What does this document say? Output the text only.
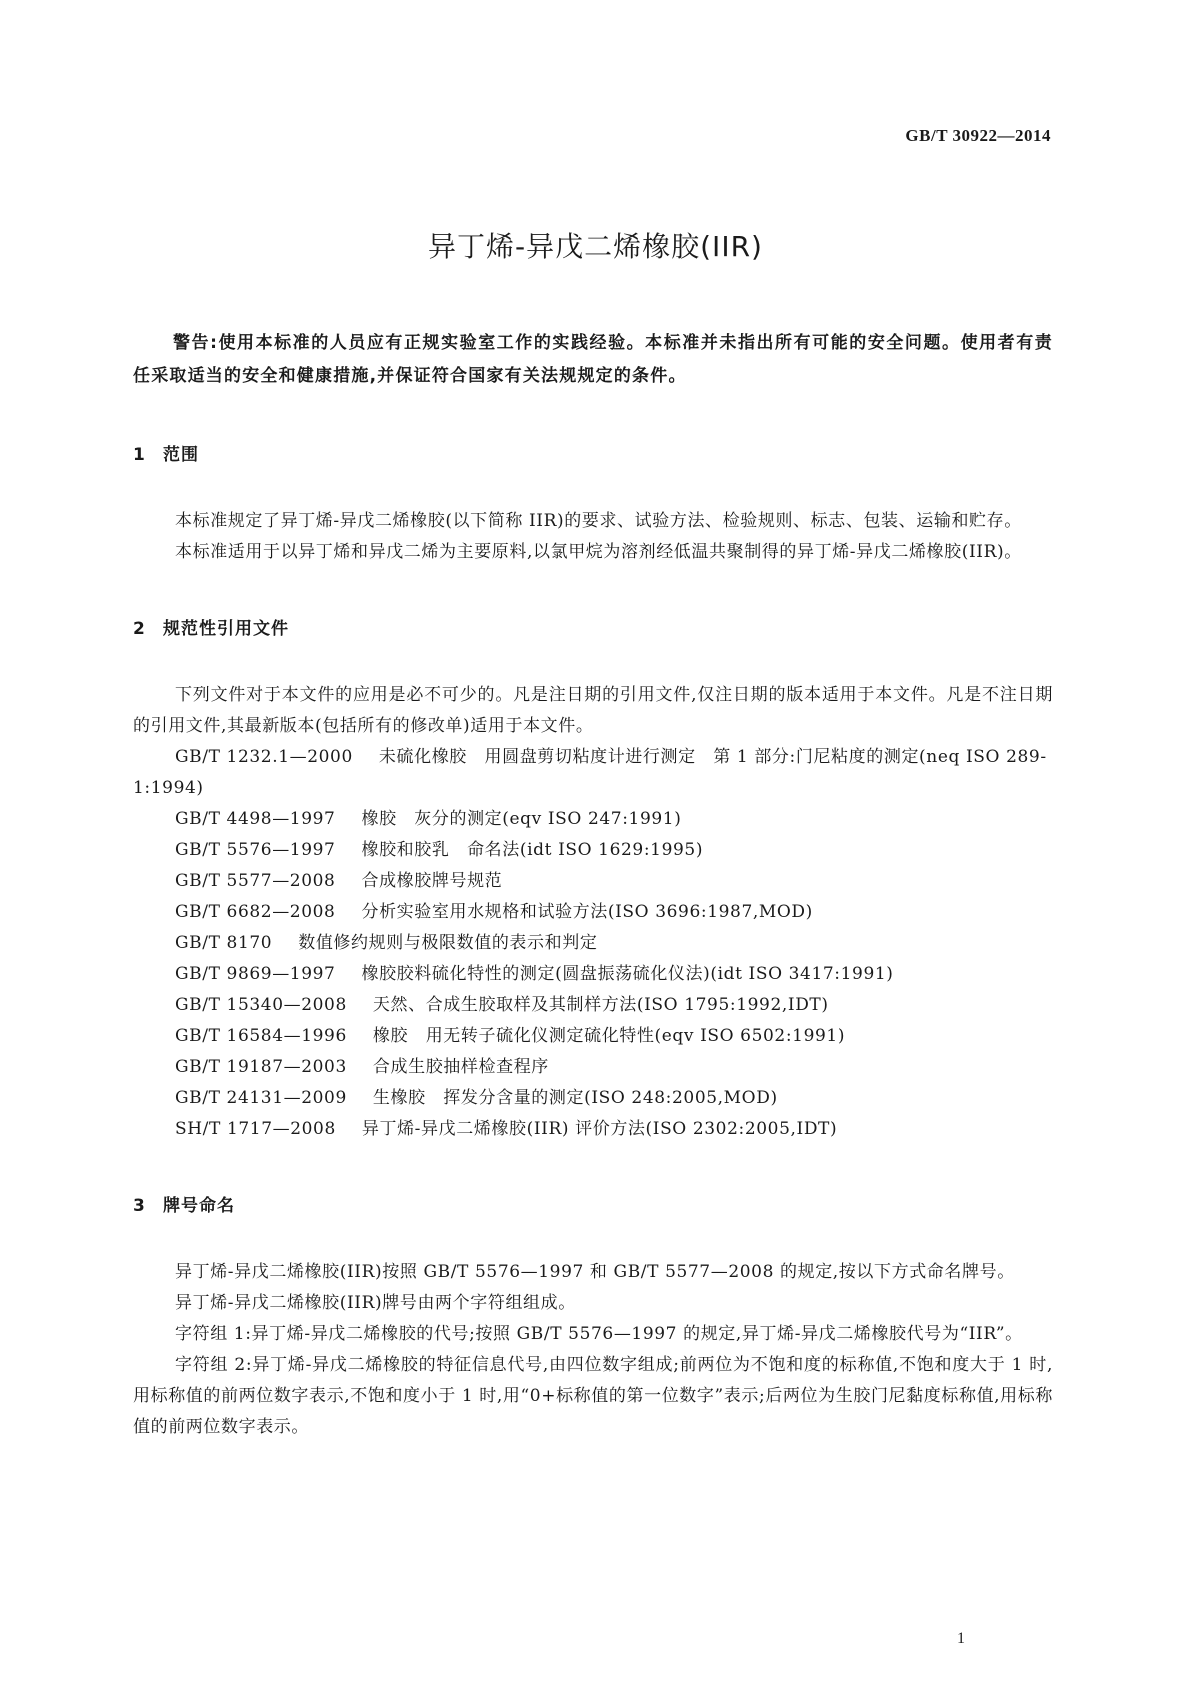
GB/T 30922—2014
异丁烯-异戊二烯橡胶(IIR)

警告:使用本标准的人员应有正规实验室工作的实践经验。本标准并未指出所有可能的安全问题。使用者有责任采取适当的安全和健康措施,并保证符合国家有关法规规定的条件。

1 范围

本标准规定了异丁烯-异戊二烯橡胶(以下简称 IIR)的要求、试验方法、检验规则、标志、包装、运输和贮存。

本标准适用于以异丁烯和异戊二烯为主要原料,以氯甲烷为溶剂经低温共聚制得的异丁烯-异戊二烯橡胶(IIR)。

2 规范性引用文件

下列文件对于本文件的应用是必不可少的。凡是注日期的引用文件,仅注日期的版本适用于本文件。凡是不注日期的引用文件,其最新版本(包括所有的修改单)适用于本文件。

GB/T 1232.1—2000 未硫化橡胶　用圆盘剪切粘度计进行测定　第 1 部分:门尼粘度的测定(neq ISO 289-1:1994)

GB/T 4498—1997 橡胶　灰分的测定(eqv ISO 247:1991)

GB/T 5576—1997 橡胶和胶乳　命名法(idt ISO 1629:1995)

GB/T 5577—2008 合成橡胶牌号规范

GB/T 6682—2008 分析实验室用水规格和试验方法(ISO 3696:1987,MOD)

GB/T 8170 数值修约规则与极限数值的表示和判定

GB/T 9869—1997 橡胶胶料硫化特性的测定(圆盘振荡硫化仪法)(idt ISO 3417:1991)

GB/T 15340—2008 天然、合成生胶取样及其制样方法(ISO 1795:1992,IDT)

GB/T 16584—1996 橡胶　用无转子硫化仪测定硫化特性(eqv ISO 6502:1991)

GB/T 19187—2003 合成生胶抽样检查程序

GB/T 24131—2009 生橡胶　挥发分含量的测定(ISO 248:2005,MOD)

SH/T 1717—2008 异丁烯-异戊二烯橡胶(IIR) 评价方法(ISO 2302:2005,IDT)

3 牌号命名

异丁烯-异戊二烯橡胶(IIR)按照 GB/T 5576—1997 和 GB/T 5577—2008 的规定,按以下方式命名牌号。

异丁烯-异戊二烯橡胶(IIR)牌号由两个字符组组成。

字符组 1:异丁烯-异戊二烯橡胶的代号;按照 GB/T 5576—1997 的规定,异丁烯-异戊二烯橡胶代号为“IIR”。

字符组 2:异丁烯-异戊二烯橡胶的特征信息代号,由四位数字组成;前两位为不饱和度的标称值,不饱和度大于 1 时,用标称值的前两位数字表示,不饱和度小于 1 时,用“0+标称值的第一位数字”表示;后两位为生胶门尼黏度标称值,用标称值的前两位数字表示。

1
